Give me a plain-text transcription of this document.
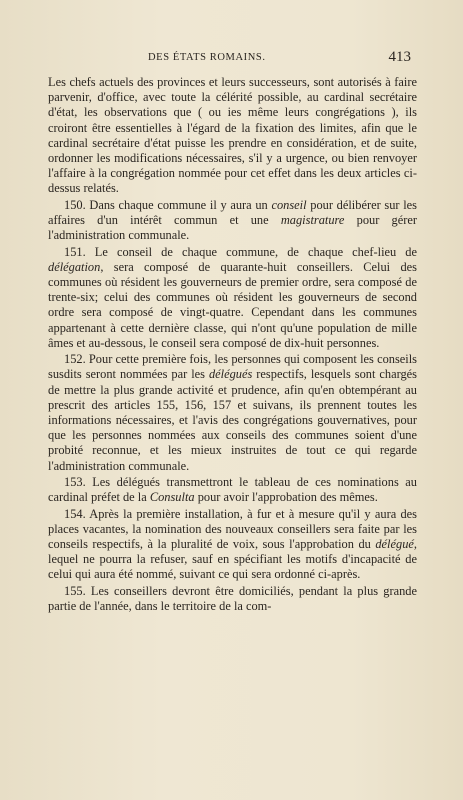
DES ÉTATS ROMAINS.	413

Les chefs actuels des provinces et leurs successeurs, sont autorisés à faire parvenir, d'office, avec toute la célérité possible, au cardinal secrétaire d'état, les observations que ( ou ies même leurs congrégations ), ils croiront être essentielles à l'égard de la fixation des limites, afin que le cardinal secrétaire d'état puisse les prendre en considération, et de suite, ordonner les modifications nécessaires, s'il y a urgence, ou bien renvoyer l'affaire à la congrégation nommée pour cet effet dans les deux articles ci-dessus relatés.

150. Dans chaque commune il y aura un conseil pour délibérer sur les affaires d'un intérêt commun et une magistrature pour gérer l'administration communale.

151. Le conseil de chaque commune, de chaque chef-lieu de délégation, sera composé de quarante-huit conseillers. Celui des communes où résident les gouverneurs de premier ordre, sera composé de trente-six; celui des communes où résident les gouverneurs de second ordre sera composé de vingt-quatre. Cependant dans les communes appartenant à cette dernière classe, qui n'ont qu'une population de mille âmes et au-dessous, le conseil sera composé de dix-huit personnes.

152. Pour cette première fois, les personnes qui composent les conseils susdits seront nommées par les délégués respectifs, lesquels sont chargés de mettre la plus grande activité et prudence, afin qu'en obtempérant au prescrit des articles 155, 156, 157 et suivans, ils prennent toutes les informations nécessaires, et l'avis des congrégations gouvernatives, pour que les personnes nommées aux conseils des communes soient d'une probité reconnue, et les mieux instruites de tout ce qui regarde l'administration communale.

153. Les délégués transmettront le tableau de ces nominations au cardinal préfet de la Consulta pour avoir l'approbation des mêmes.

154. Après la première installation, à fur et à mesure qu'il y aura des places vacantes, la nomination des nouveaux conseillers sera faite par les conseils respectifs, à la pluralité de voix, sous l'approbation du délégué, lequel ne pourra la refuser, sauf en spécifiant les motifs d'incapacité de celui qui aura été nommé, suivant ce qui sera ordonné ci-après.

155. Les conseillers devront être domiciliés, pendant la plus grande partie de l'année, dans le territoire de la com-
